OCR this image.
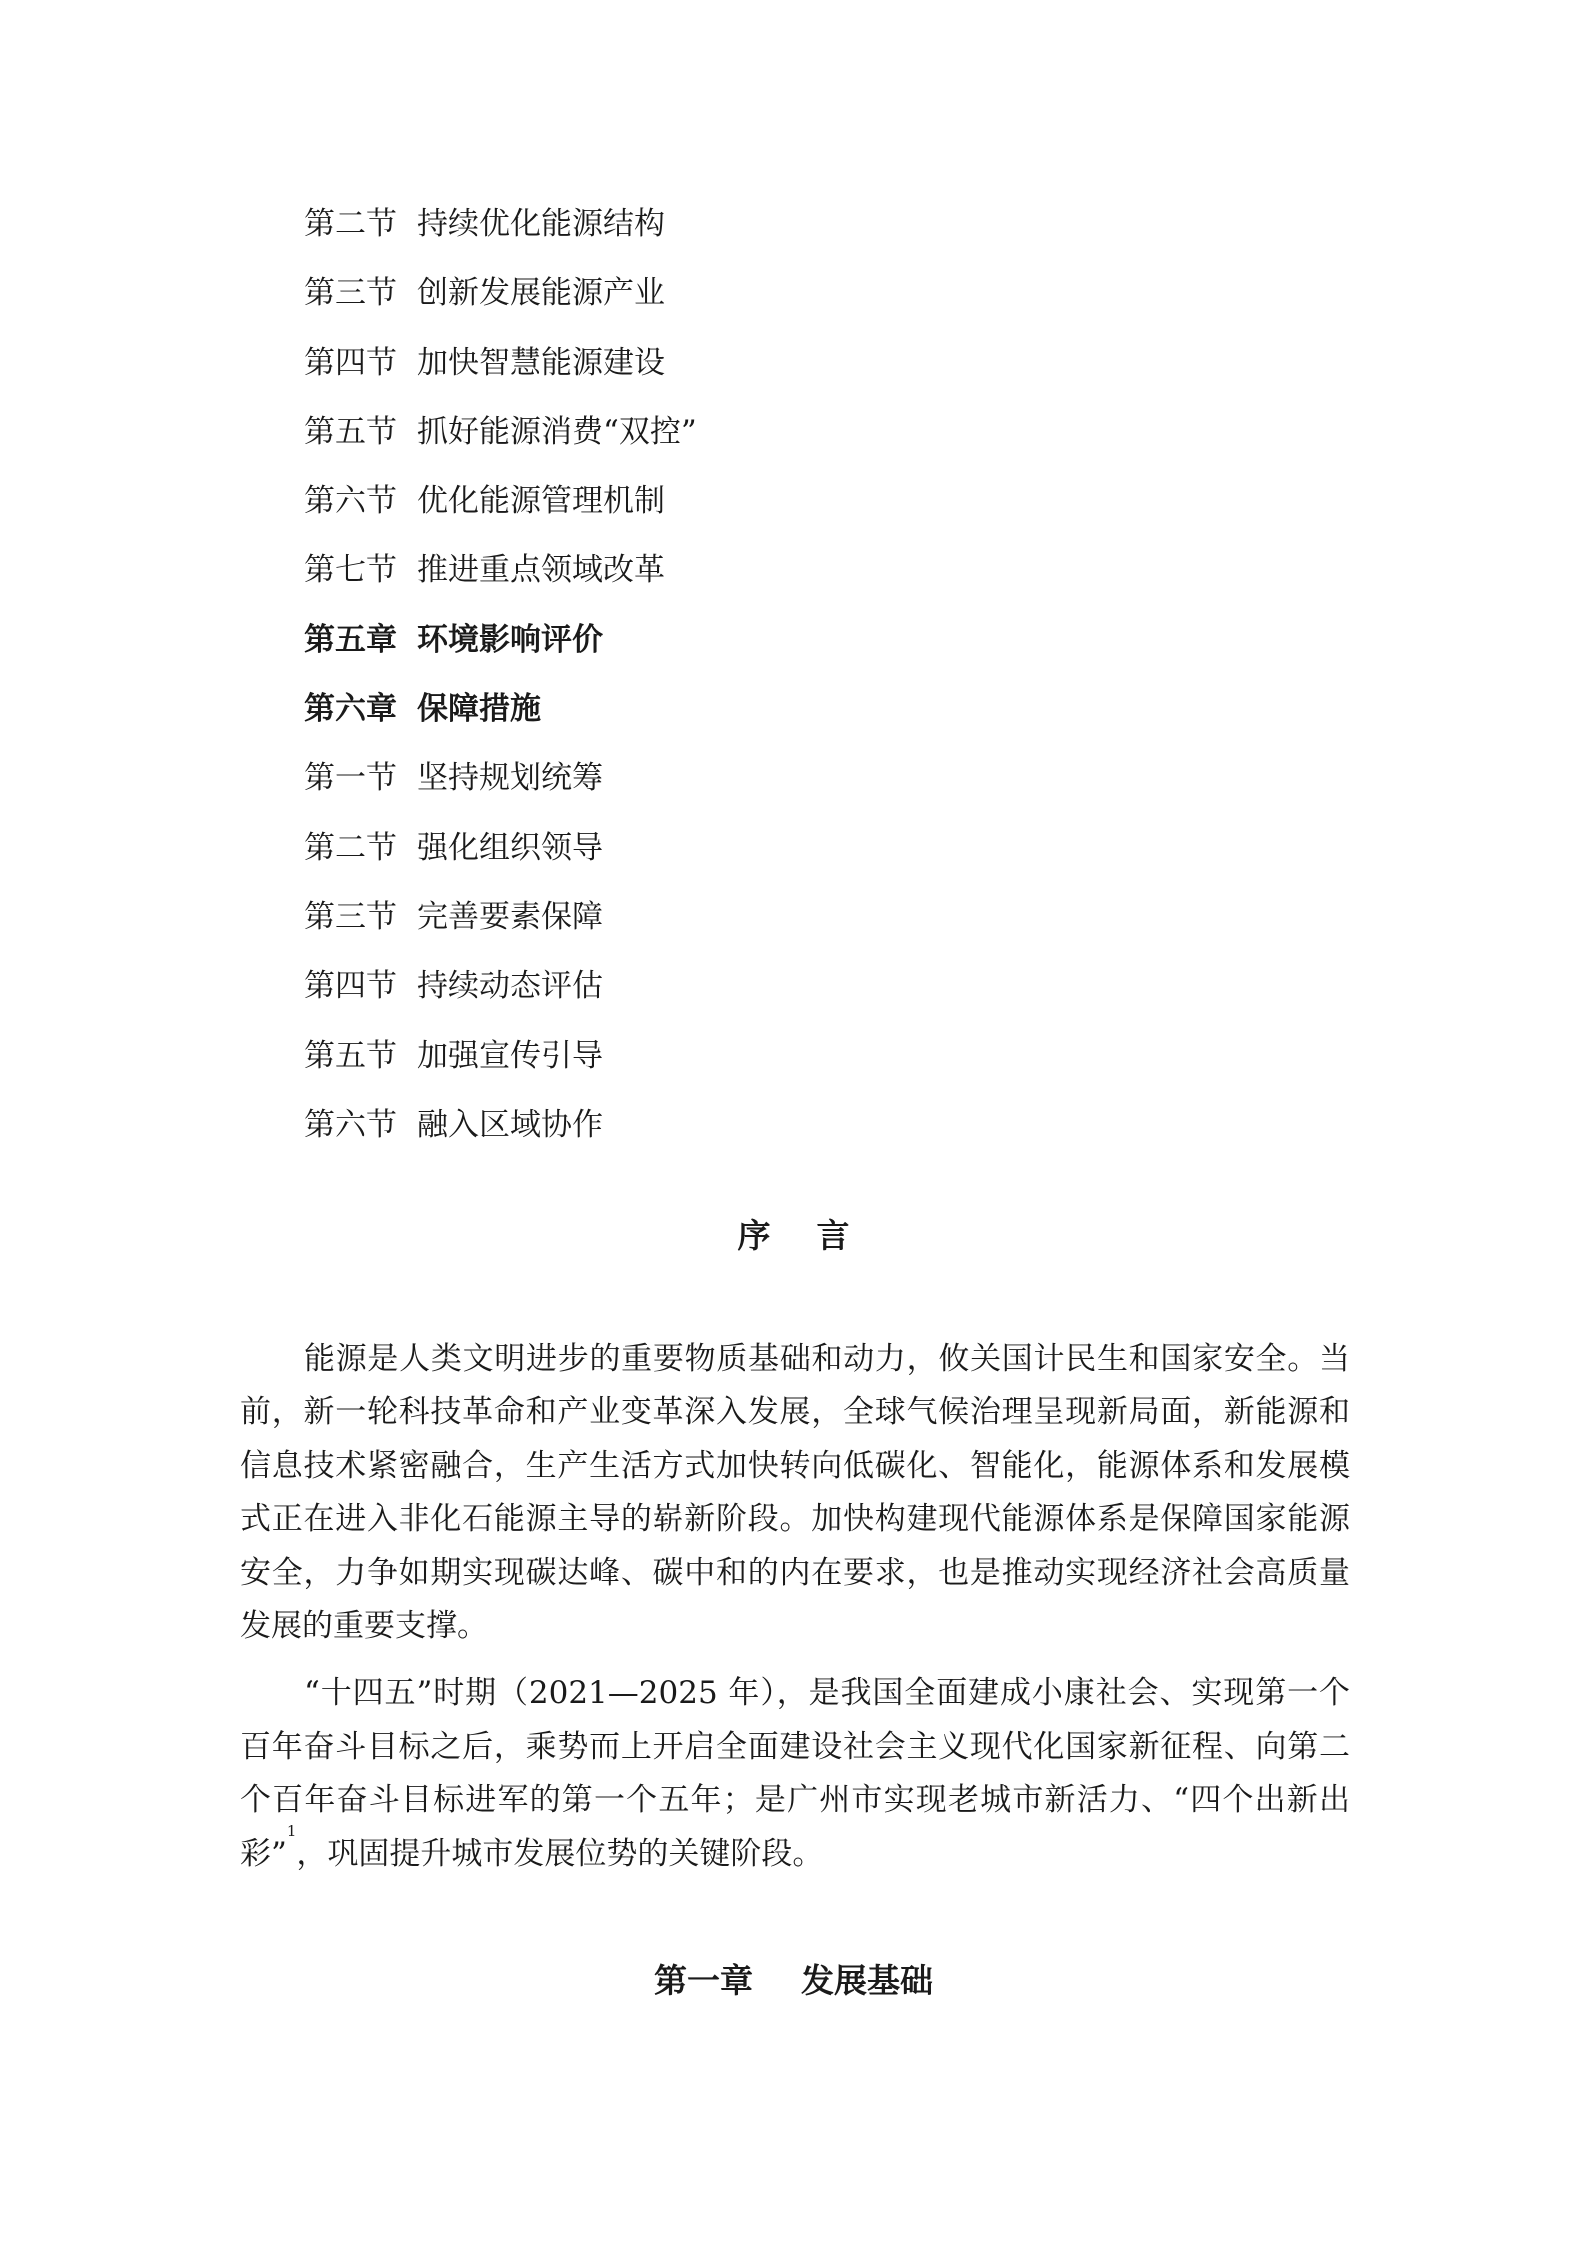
第二节 持续优化能源结构
第三节 创新发展能源产业
第四节 加快智慧能源建设
第五节 抓好能源消费“双控”
第六节 优化能源管理机制
第七节 推进重点领域改革
第五章 环境影响评价
第六章 保障措施
第一节 坚持规划统筹
第二节 强化组织领导
第三节 完善要素保障
第四节 持续动态评估
第五节 加强宣传引导
第六节 融入区域协作
序言

能源是人类文明进步的重要物质基础和动力，攸关国计民生和国家安全。当前，新一轮科技革命和产业变革深入发展，全球气候治理呈现新局面，新能源和信息技术紧密融合，生产生活方式加快转向低碳化、智能化，能源体系和发展模式正在进入非化石能源主导的崭新阶段。加快构建现代能源体系是保障国家能源安全，力争如期实现碳达峰、碳中和的内在要求，也是推动实现经济社会高质量发展的重要支撑。

“十四五”时期（2021—2025 年），是我国全面建成小康社会、实现第一个百年奋斗目标之后，乘势而上开启全面建设社会主义现代化国家新征程、向第二个百年奋斗目标进军的第一个五年；是广州市实现老城市新活力、“四个出新出彩”$^1$，巩固提升城市发展位势的关键阶段。

第一章 发展基础
